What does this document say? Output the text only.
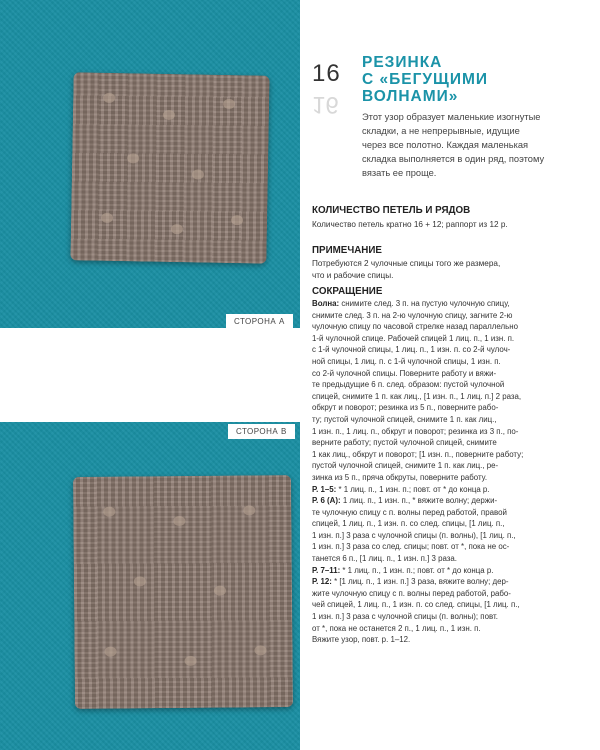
СТОРОНА А
СТОРОНА В
16
16
РЕЗИНКА
С «БЕГУЩИМИ
ВОЛНАМИ»
Этот узор образует маленькие изогнутые
складки, а не непрерывные, идущие
через все полотно. Каждая маленькая
складка выполняется в один ряд, поэтому
вязать ее проще.
КОЛИЧЕСТВО ПЕТЕЛЬ И РЯДОВ
Количество петель кратно 16 + 12; раппорт из 12 р.
ПРИМЕЧАНИЕ
Потребуются 2 чулочные спицы того же размера,
что и рабочие спицы.
СОКРАЩЕНИЕ

Волна: снимите след. 3 п. на пустую чулочную спицу,

снимите след. 3 п. на 2-ю чулочную спицу, загните 2-ю

чулочную спицу по часовой стрелке назад параллельно

1-й чулочной спице. Рабочей спицей 1 лиц. п., 1 изн. п.

с 1-й чулочной спицы, 1 лиц. п., 1 изн. п. со 2-й чулоч-

ной спицы, 1 лиц. п. с 1-й чулочной спицы, 1 изн. п.

со 2-й чулочной спицы. Поверните работу и вяжи-

те предыдущие 6 п. след. образом: пустой чулочной

спицей, снимите 1 п. как лиц., [1 изн. п., 1 лиц. п.] 2 раза,

обкрут и поворот; резинка из 5 п., поверните рабо-

ту; пустой чулочной спицей, снимите 1 п. как лиц.,

1 изн. п., 1 лиц. п., обкрут и поворот; резинка из 3 п., по-

верните работу; пустой чулочной спицей, снимите

1 как лиц., обкрут и поворот; [1 изн. п., поверните работу;

пустой чулочной спицей, снимите 1 п. как лиц., ре-

зинка из 5 п., пряча обкруты, поверните работу.

Р. 1–5: * 1 лиц. п., 1 изн. п.; повт. от * до конца р.

Р. 6 (А): 1 лиц. п., 1 изн. п., * вяжите волну; держи-

те чулочную спицу с п. волны перед работой, правой

спицей, 1 лиц. п., 1 изн. п. со след. спицы, [1 лиц. п.,

1 изн. п.] 3 раза с чулочной спицы (п. волны), [1 лиц. п.,

1 изн. п.] 3 раза со след. спицы; повт. от *, пока не ос-

танется 6 п., [1 лиц. п., 1 изн. п.] 3 раза.

Р. 7–11: * 1 лиц. п., 1 изн. п.; повт. от * до конца р.

Р. 12: * [1 лиц. п., 1 изн. п.] 3 раза, вяжите волну; дер-

жите чулочную спицу с п. волны перед работой, рабо-

чей спицей, 1 лиц. п., 1 изн. п. со след. спицы, [1 лиц. п.,

1 изн. п.] 3 раза с чулочной спицы (п. волны); повт.

от *, пока не останется 2 п., 1 лиц. п., 1 изн. п.

Вяжите узор, повт. р. 1–12.
